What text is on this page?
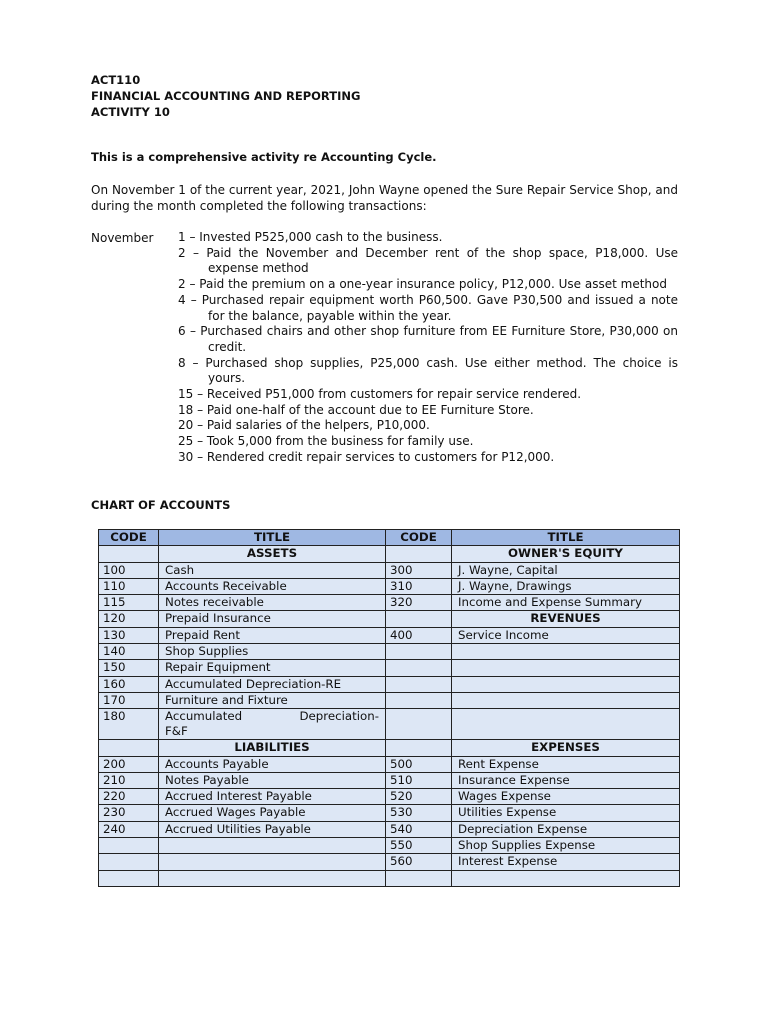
ACT110
FINANCIAL ACCOUNTING AND REPORTING
ACTIVITY 10
This is a comprehensive activity re Accounting Cycle.
On November 1 of the current year, 2021, John Wayne opened the Sure Repair Service Shop, and during the month completed the following transactions:
November 1 – Invested P525,000 cash to the business.
2 – Paid the November and December rent of the shop space, P18,000. Use expense method
2 – Paid the premium on a one-year insurance policy, P12,000. Use asset method
4 – Purchased repair equipment worth P60,500. Gave P30,500 and issued a note for the balance, payable within the year.
6 – Purchased chairs and other shop furniture from EE Furniture Store, P30,000 on credit.
8 – Purchased shop supplies, P25,000 cash. Use either method. The choice is yours.
15 – Received P51,000 from customers for repair service rendered.
18 – Paid one-half of the account due to EE Furniture Store.
20 – Paid salaries of the helpers, P10,000.
25 – Took 5,000 from the business for family use.
30 – Rendered credit repair services to customers for P12,000.
CHART OF ACCOUNTS
CODE	TITLE	CODE	TITLE
	ASSETS		OWNER'S EQUITY
100	Cash	300	J. Wayne, Capital
110	Accounts Receivable	310	J. Wayne, Drawings
115	Notes receivable	320	Income and Expense Summary
120	Prepaid Insurance		REVENUES
130	Prepaid Rent	400	Service Income
140	Shop Supplies		
150	Repair Equipment		
160	Accumulated Depreciation-RE		
170	Furniture and Fixture		
180	Accumulated Depreciation-
F&F		

	LIABILITIES		EXPENSES
200	Accounts Payable	500	Rent Expense
210	Notes Payable	510	Insurance Expense
220	Accrued Interest Payable	520	Wages Expense
230	Accrued Wages Payable	530	Utilities Expense
240	Accrued Utilities Payable	540	Depreciation Expense
		550	Shop Supplies Expense
		560	Interest Expense
